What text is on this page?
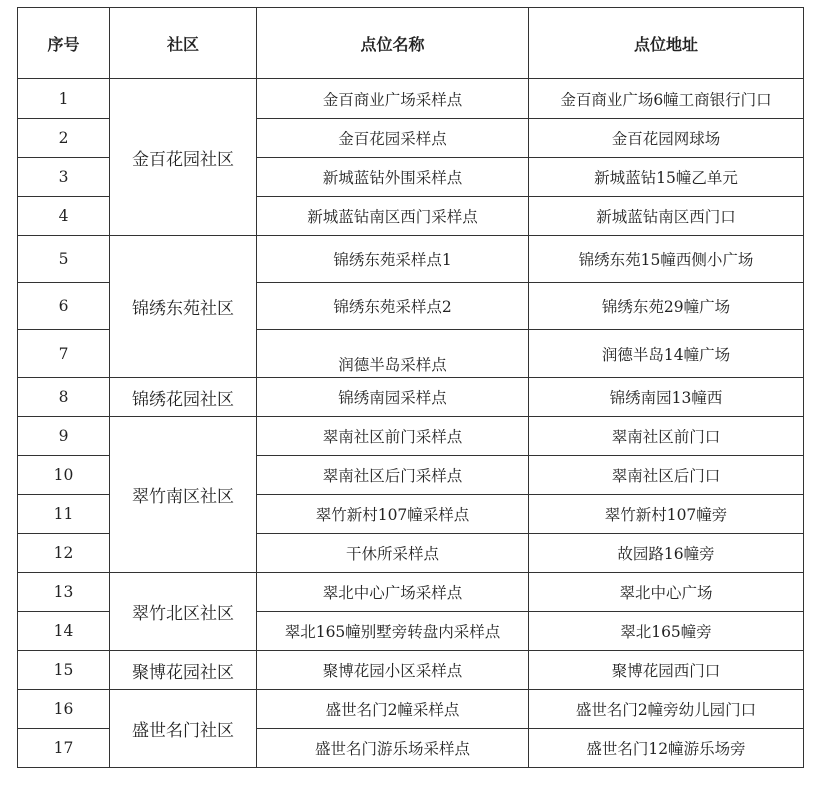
序号	社区	点位名称	点位地址
1	金百花园社区	金百商业广场采样点	金百商业广场6幢工商银行门口
2		金百花园采样点	金百花园网球场
3		新城蓝钻外围采样点	新城蓝钻15幢乙单元
4		新城蓝钻南区西门采样点	新城蓝钻南区西门口
5	锦绣东苑社区	锦绣东苑采样点1	锦绣东苑15幢西侧小广场
6		锦绣东苑采样点2	锦绣东苑29幢广场
7		润德半岛采样点	润德半岛14幢广场
8	锦绣花园社区	锦绣南园采样点	锦绣南园13幢西
9	翠竹南区社区	翠南社区前门采样点	翠南社区前门口
10		翠南社区后门采样点	翠南社区后门口
11		翠竹新村107幢采样点	翠竹新村107幢旁
12		干休所采样点	故园路16幢旁
13	翠竹北区社区	翠北中心广场采样点	翠北中心广场
14		翠北165幢别墅旁转盘内采样点	翠北165幢旁
15	聚博花园社区	聚博花园小区采样点	聚博花园西门口
16	盛世名门社区	盛世名门2幢采样点	盛世名门2幢旁幼儿园门口
17		盛世名门游乐场采样点	盛世名门12幢游乐场旁
